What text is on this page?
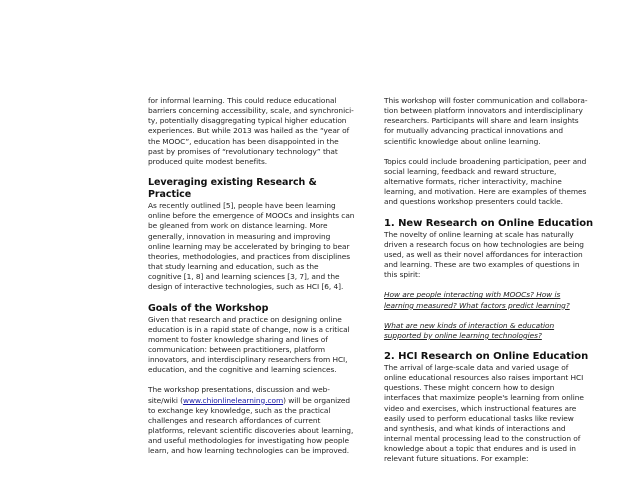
for informal learning. This could reduce educational
barriers concerning accessibility, scale, and synchronici-
ty, potentially disaggregating typical higher education
experiences. But while 2013 was hailed as the “year of
the MOOC”, education has been disappointed in the
past by promises of “revolutionary technology” that
produced quite modest benefits.

Leveraging existing Research & Practice

As recently outlined [5], people have been learning
online before the emergence of MOOCs and insights can
be gleaned from work on distance learning. More
generally, innovation in measuring and improving
online learning may be accelerated by bringing to bear
theories, methodologies, and practices from disciplines
that study learning and education, such as the
cognitive [1, 8] and learning sciences [3, 7], and the
design of interactive technologies, such as HCI [6, 4].

Goals of the Workshop

Given that research and practice on designing online
education is in a rapid state of change, now is a critical
moment to foster knowledge sharing and lines of
communication: between practitioners, platform
innovators, and interdisciplinary researchers from HCI,
education, and the cognitive and learning sciences.

The workshop presentations, discussion and web-
site/wiki (www.chionlinelearning.com) will be organized
to exchange key knowledge, such as the practical
challenges and research affordances of current
platforms, relevant scientific discoveries about learning,
and useful methodologies for investigating how people
learn, and how learning technologies can be improved.

This workshop will foster communication and collabora-
tion between platform innovators and interdisciplinary
researchers. Participants will share and learn insights
for mutually advancing practical innovations and
scientific knowledge about online learning.

Topics could include broadening participation, peer and
social learning, feedback and reward structure,
alternative formats, richer interactivity, machine
learning, and motivation. Here are examples of themes
and questions workshop presenters could tackle.

1. New Research on Online Education

The novelty of online learning at scale has naturally
driven a research focus on how technologies are being
used, as well as their novel affordances for interaction
and learning. These are two examples of questions in
this spirit:

How are people interacting with MOOCs? How is
learning measured? What factors predict learning?

What are new kinds of interaction & education
supported by online learning technologies?

2. HCI Research on Online Education

The arrival of large-scale data and varied usage of
online educational resources also raises important HCI
questions. These might concern how to design
interfaces that maximize people's learning from online
video and exercises, which instructional features are
easily used to perform educational tasks like review
and synthesis, and what kinds of interactions and
internal mental processing lead to the construction of
knowledge about a topic that endures and is used in
relevant future situations. For example:
